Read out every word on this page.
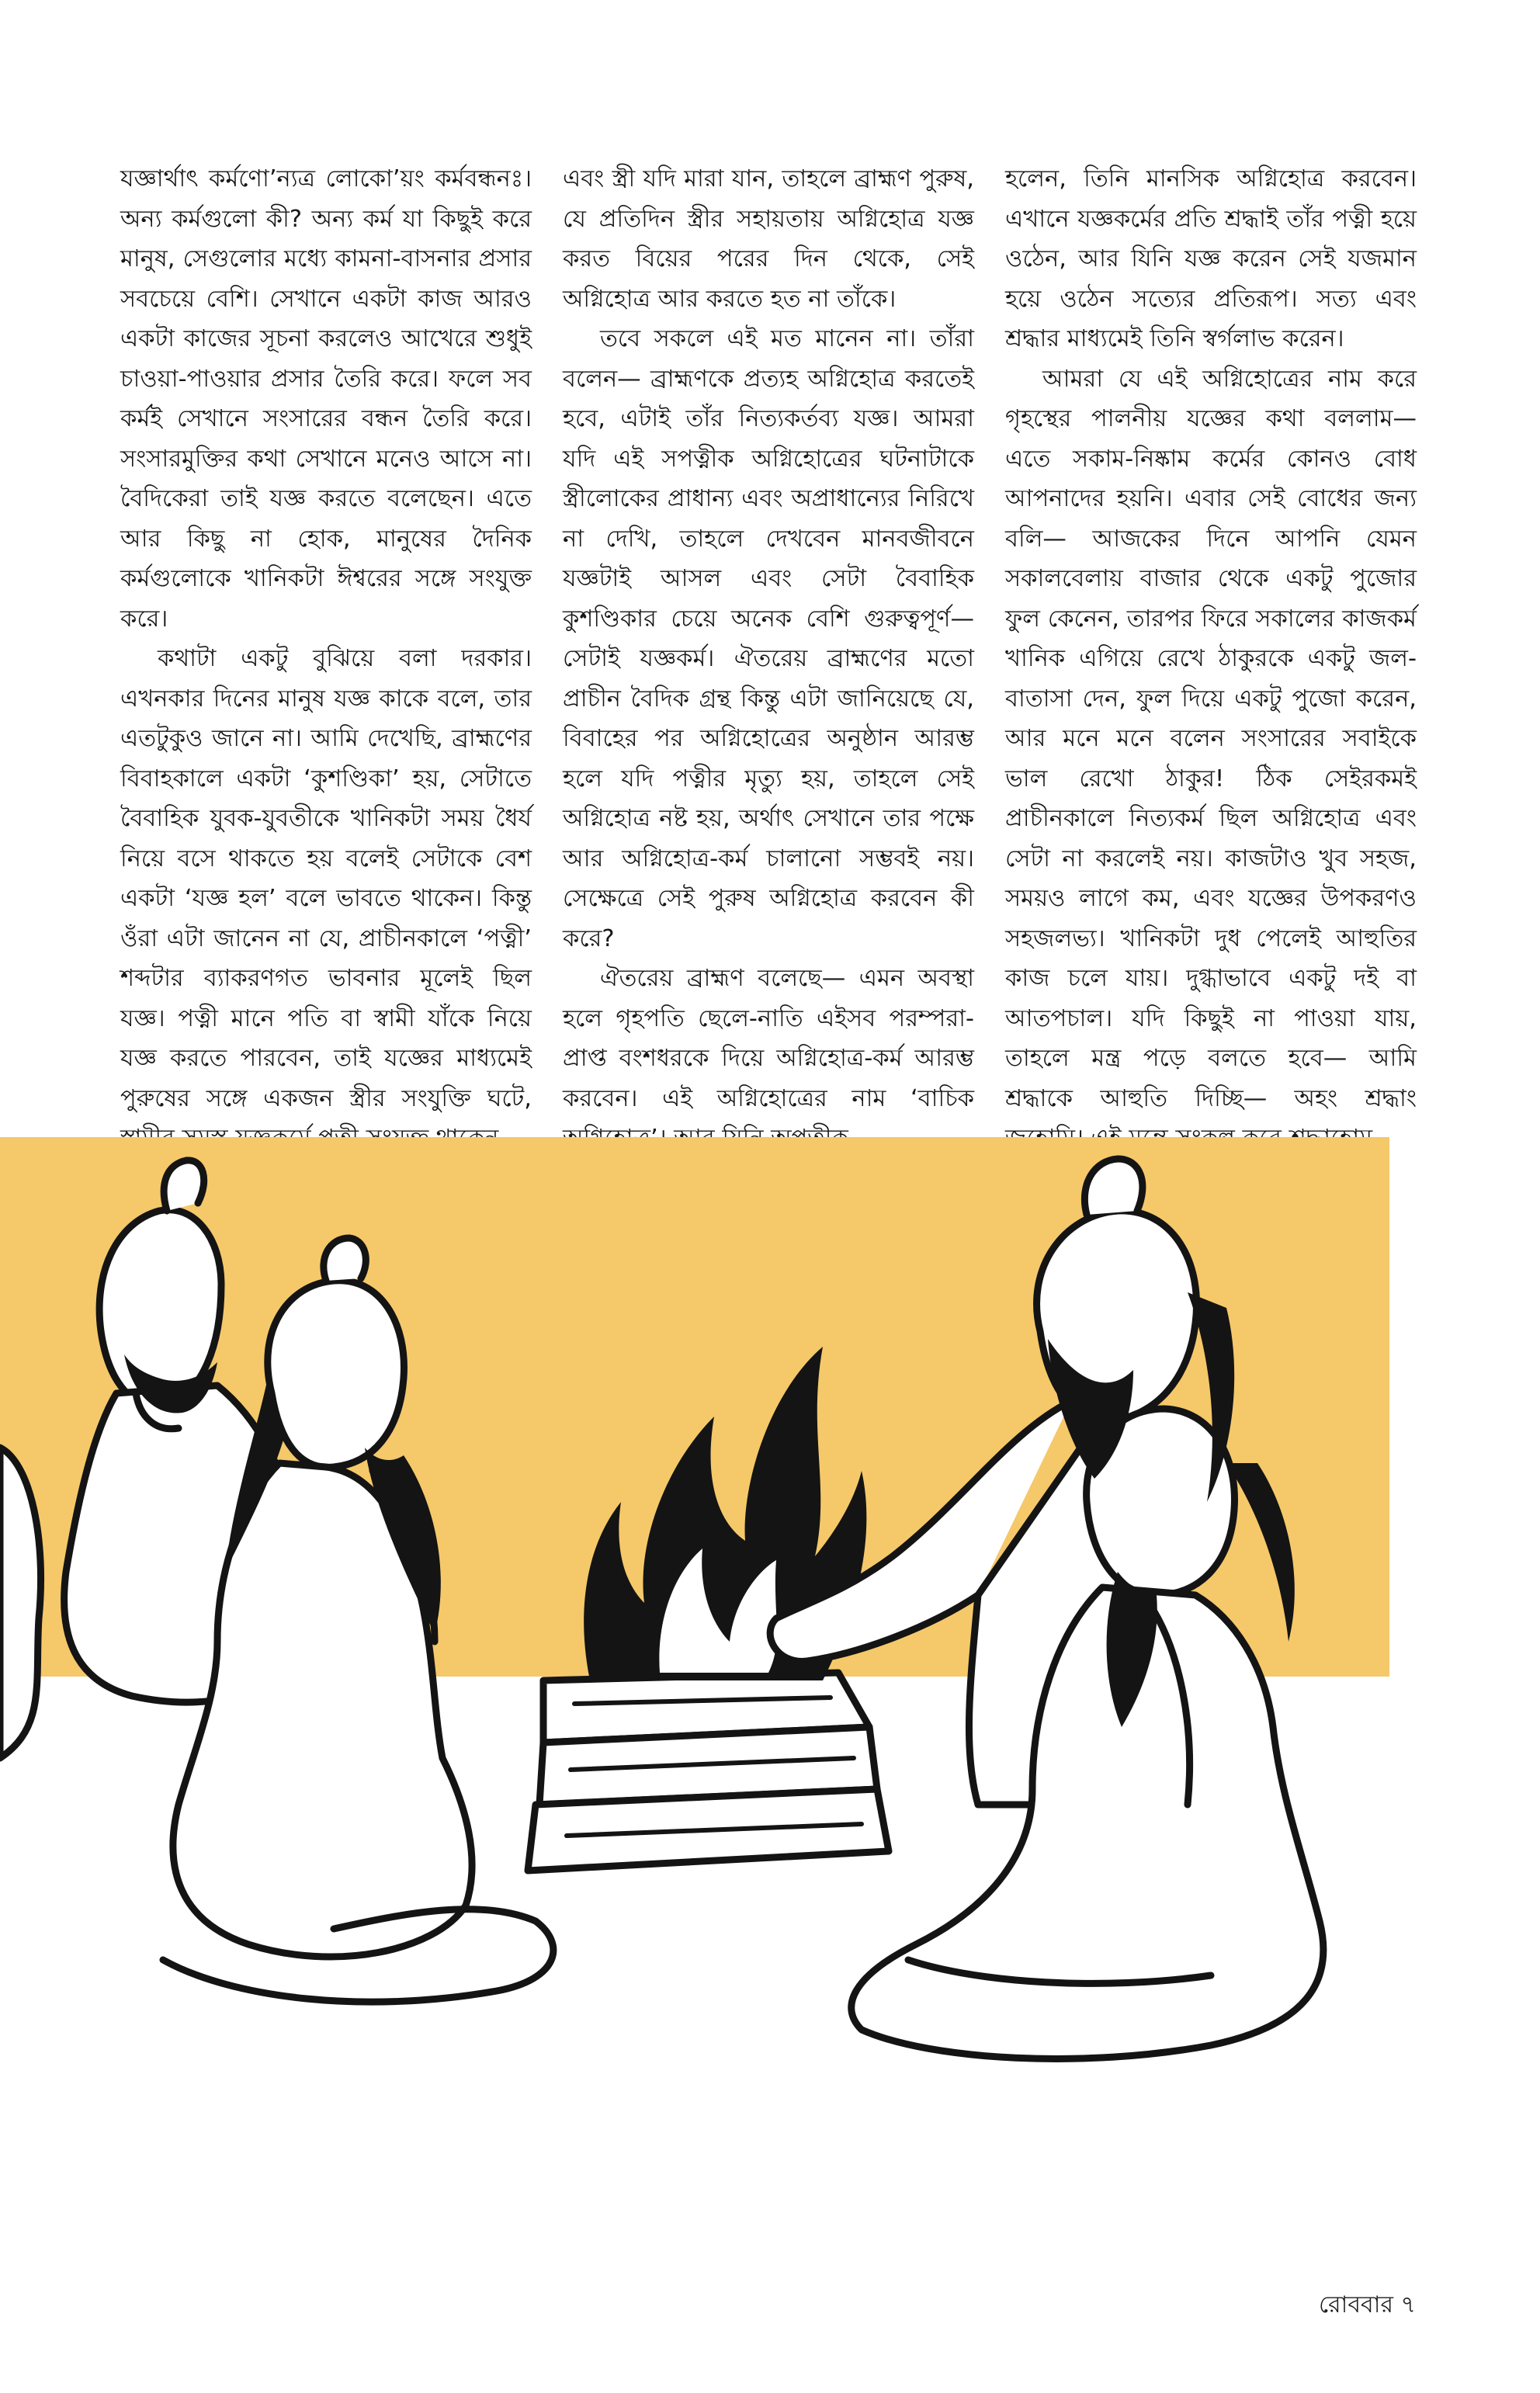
যজ্ঞার্থাৎ কর্মণো’ন্যত্র লোকো’য়ং কর্মবন্ধনঃ। অন্য কর্মগুলো কী? অন্য কর্ম যা কিছুই করে মানুষ, সেগুলোর মধ্যে কামনা-বাসনার প্রসার সবচেয়ে বেশি। সেখানে একটা কাজ আরও একটা কাজের সূচনা করলেও আখেরে শুধুই চাওয়া-পাওয়ার প্রসার তৈরি করে। ফলে সব কর্মই সেখানে সংসারের বন্ধন তৈরি করে। সংসারমুক্তির কথা সেখানে মনেও আসে না। বৈদিকেরা তাই যজ্ঞ করতে বলেছেন। এতে আর কিছু না হোক, মানুষের দৈনিক কর্মগুলোকে খানিকটা ঈশ্বরের সঙ্গে সংযুক্ত করে।

কথাটা একটু বুঝিয়ে বলা দরকার। এখনকার দিনের মানুষ যজ্ঞ কাকে বলে, তার এতটুকুও জানে না। আমি দেখেছি, ব্রাহ্মণের বিবাহকালে একটা ‘কুশণ্ডিকা’ হয়, সেটাতে বৈবাহিক যুবক-যুবতীকে খানিকটা সময় ধৈর্য নিয়ে বসে থাকতে হয় বলেই সেটাকে বেশ একটা ‘যজ্ঞ হল’ বলে ভাবতে থাকেন। কিন্তু ওঁরা এটা জানেন না যে, প্রাচীনকালে ‘পত্নী’ শব্দটার ব্যাকরণগত ভাবনার মূলেই ছিল যজ্ঞ। পত্নী মানে পতি বা স্বামী যাঁকে নিয়ে যজ্ঞ করতে পারবেন, তাই যজ্ঞের মাধ্যমেই পুরুষের সঙ্গে একজন স্ত্রীর সংযুক্তি ঘটে,

এবং স্ত্রী যদি মারা যান, তাহলে ব্রাহ্মণ পুরুষ, যে প্রতিদিন স্ত্রীর সহায়তায় অগ্নিহোত্র যজ্ঞ করত বিয়ের পরের দিন থেকে, সেই অগ্নিহোত্র আর করতে হত না তাঁকে।

তবে সকলে এই মত মানেন না। তাঁরা বলেন— ব্রাহ্মণকে প্রত্যহ অগ্নিহোত্র করতেই হবে, এটাই তাঁর নিত্যকর্তব্য যজ্ঞ। আমরা যদি এই সপত্নীক অগ্নিহোত্রের ঘটনাটাকে স্ত্রীলোকের প্রাধান্য এবং অপ্রাধান্যের নিরিখে না দেখি, তাহলে দেখবেন মানবজীবনে যজ্ঞটাই আসল এবং সেটা বৈবাহিক কুশণ্ডিকার চেয়ে অনেক বেশি গুরুত্বপূর্ণ— সেটাই যজ্ঞকর্ম। ঐতরেয় ব্রাহ্মণের মতো প্রাচীন বৈদিক গ্রন্থ কিন্তু এটা জানিয়েছে যে, বিবাহের পর অগ্নিহোত্রের অনুষ্ঠান আরম্ভ হলে যদি পত্নীর মৃত্যু হয়, তাহলে সেই অগ্নিহোত্র নষ্ট হয়, অর্থাৎ সেখানে তার পক্ষে আর অগ্নিহোত্র-কর্ম চালানো সম্ভবই নয়। সেক্ষেত্রে সেই পুরুষ অগ্নিহোত্র করবেন কী করে?

ঐতরেয় ব্রাহ্মণ বলেছে— এমন অবস্থা হলে গৃহপতি ছেলে-নাতি এইসব পরম্পরা-প্রাপ্ত বংশধরকে দিয়ে অগ্নিহোত্র-কর্ম আরম্ভ করবেন। এই অগ্নিহোত্রের নাম ‘বাচিক

হলেন, তিনি মানসিক অগ্নিহোত্র করবেন। এখানে যজ্ঞকর্মের প্রতি শ্রদ্ধাই তাঁর পত্নী হয়ে ওঠেন, আর যিনি যজ্ঞ করেন সেই যজমান হয়ে ওঠেন সত্যের প্রতিরূপ। সত্য এবং শ্রদ্ধার মাধ্যমেই তিনি স্বর্গলাভ করেন।

আমরা যে এই অগ্নিহোত্রের নাম করে গৃহস্থের পালনীয় যজ্ঞের কথা বললাম— এতে সকাম-নিষ্কাম কর্মের কোনও বোধ আপনাদের হয়নি। এবার সেই বোধের জন্য বলি— আজকের দিনে আপনি যেমন সকালবেলায় বাজার থেকে একটু পুজোর ফুল কেনেন, তারপর ফিরে সকালের কাজকর্ম খানিক এগিয়ে রেখে ঠাকুরকে একটু জল-বাতাসা দেন, ফুল দিয়ে একটু পুজো করেন, আর মনে মনে বলেন সংসারের সবাইকে ভাল রেখো ঠাকুর! ঠিক সেইরকমই প্রাচীনকালে নিত্যকর্ম ছিল অগ্নিহোত্র এবং সেটা না করলেই নয়। কাজটাও খুব সহজ, সময়ও লাগে কম, এবং যজ্ঞের উপকরণও সহজলভ্য। খানিকটা দুধ পেলেই আহুতির কাজ চলে যায়। দুগ্ধাভাবে একটু দই বা আতপচাল। যদি কিছুই না পাওয়া যায়, তাহলে মন্ত্র পড়ে বলতে হবে— আমি শ্রদ্ধাকে আহুতি দিচ্ছি— অহং শ্রদ্ধাং

রোববার ৭
